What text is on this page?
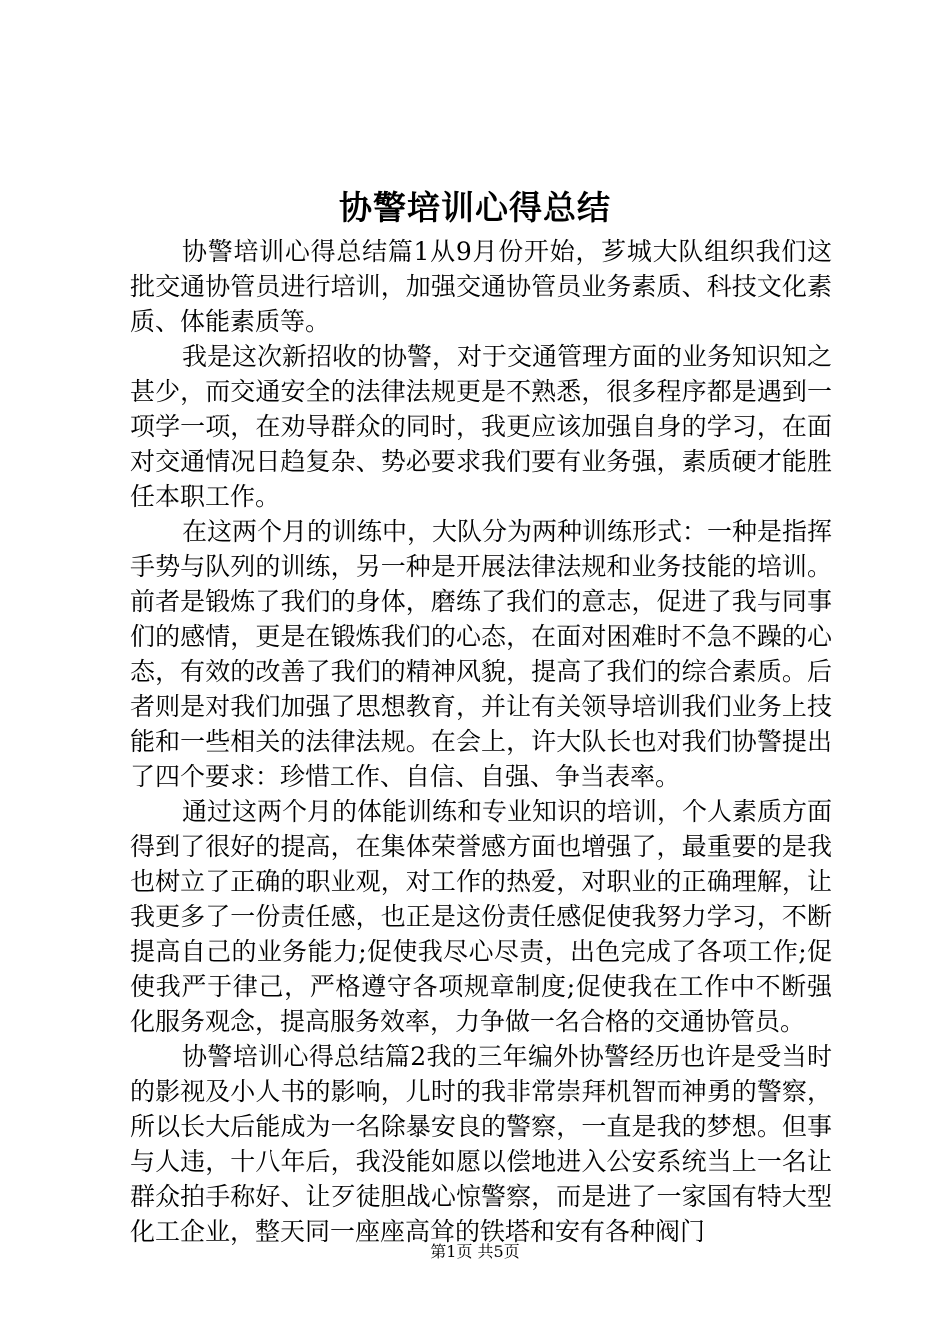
协警培训心得总结

协警培训心得总结篇1从9月份开始，芗城大队组织我们这批交通协管员进行培训，加强交通协管员业务素质、科技文化素质、体能素质等。

我是这次新招收的协警，对于交通管理方面的业务知识知之甚少，而交通安全的法律法规更是不熟悉，很多程序都是遇到一项学一项，在劝导群众的同时，我更应该加强自身的学习，在面对交通情况日趋复杂、势必要求我们要有业务强，素质硬才能胜任本职工作。

在这两个月的训练中，大队分为两种训练形式：一种是指挥手势与队列的训练，另一种是开展法律法规和业务技能的培训。前者是锻炼了我们的身体，磨练了我们的意志，促进了我与同事们的感情，更是在锻炼我们的心态，在面对困难时不急不躁的心态，有效的改善了我们的精神风貌，提高了我们的综合素质。后者则是对我们加强了思想教育，并让有关领导培训我们业务上技能和一些相关的法律法规。在会上，许大队长也对我们协警提出了四个要求：珍惜工作、自信、自强、争当表率。

通过这两个月的体能训练和专业知识的培训，个人素质方面得到了很好的提高，在集体荣誉感方面也增强了，最重要的是我也树立了正确的职业观，对工作的热爱，对职业的正确理解，让我更多了一份责任感，也正是这份责任感促使我努力学习，不断提高自己的业务能力;促使我尽心尽责，出色完成了各项工作;促使我严于律己，严格遵守各项规章制度;促使我在工作中不断强化服务观念，提高服务效率，力争做一名合格的交通协管员。

协警培训心得总结篇2我的三年编外协警经历也许是受当时的影视及小人书的影响，儿时的我非常崇拜机智而神勇的警察，所以长大后能成为一名除暴安良的警察，一直是我的梦想。但事与人违，十八年后，我没能如愿以偿地进入公安系统当上一名让群众拍手称好、让歹徒胆战心惊警察，而是进了一家国有特大型化工企业，整天同一座座高耸的铁塔和安有各种阀门

第1页 共5页
